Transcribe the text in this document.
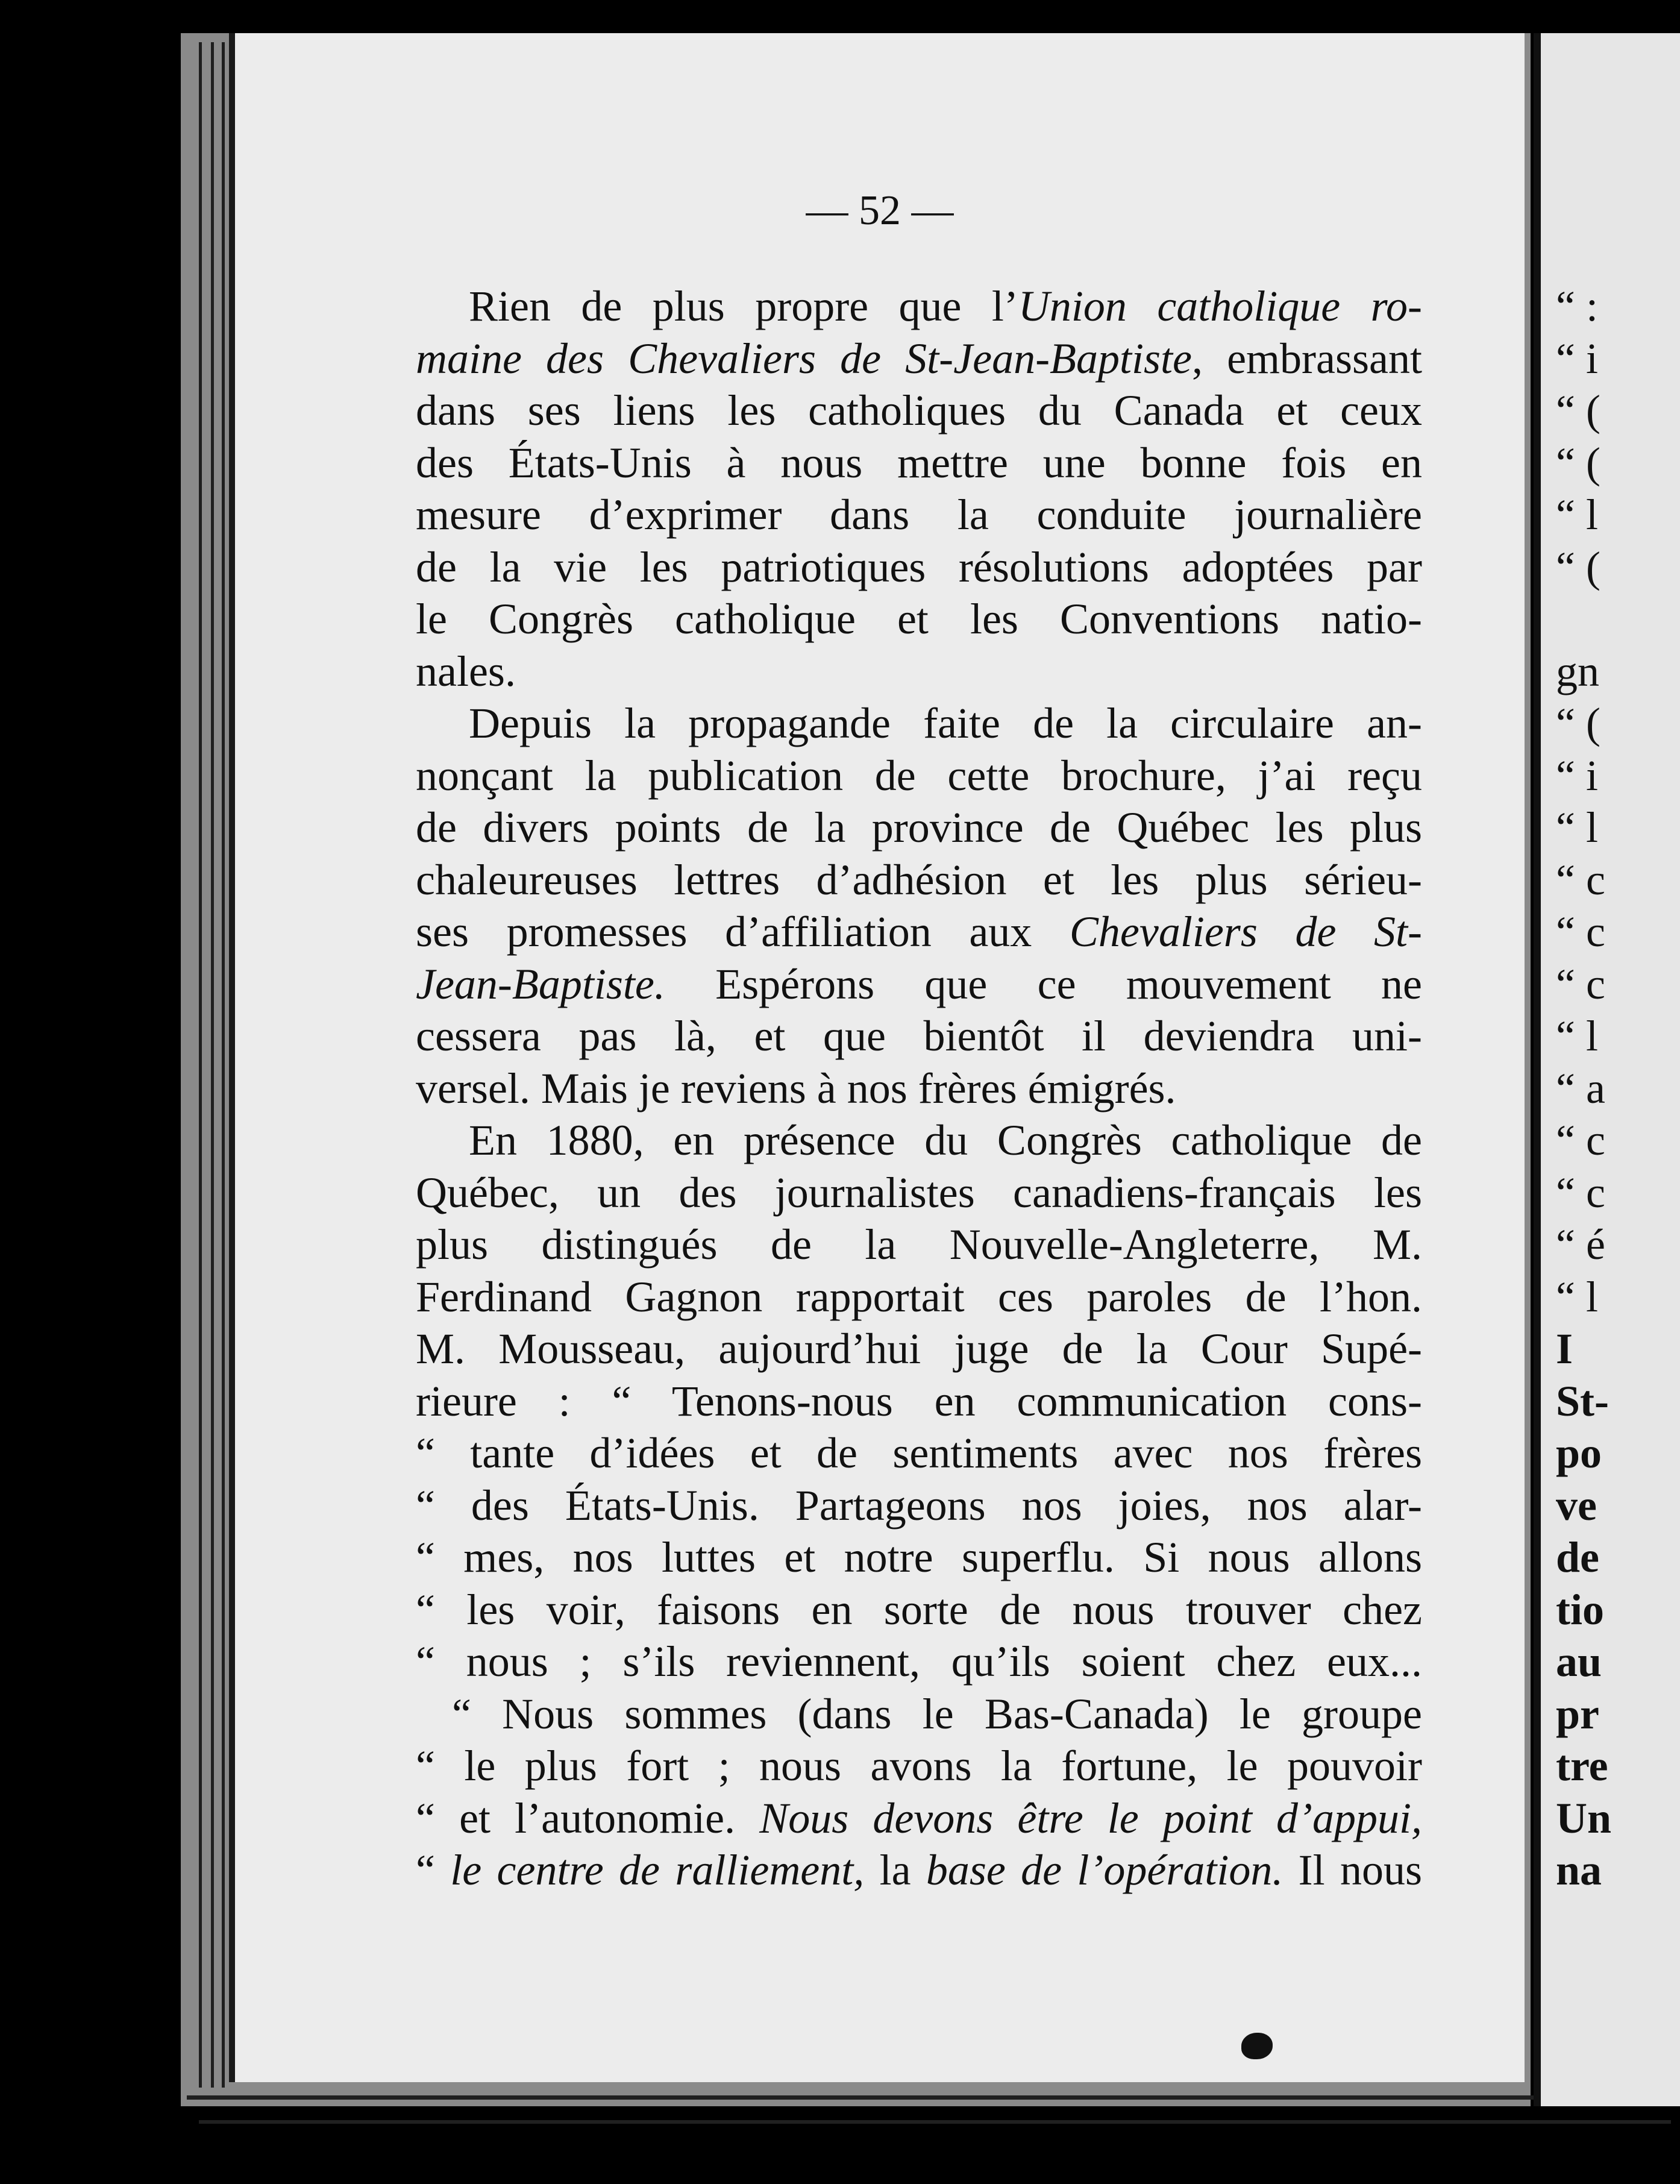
— 52 —
Rien de plus propre que l’Union catholique ro-
maine des Chevaliers de St-Jean-Baptiste, embrassant
dans ses liens les catholiques du Canada et ceux
des États-Unis à nous mettre une bonne fois en
mesure d’exprimer dans la conduite journalière
de la vie les patriotiques résolutions adoptées par
le Congrès catholique et les Conventions natio-
nales.
Depuis la propagande faite de la circulaire an-
nonçant la publication de cette brochure, j’ai reçu
de divers points de la province de Québec les plus
chaleureuses lettres d’adhésion et les plus sérieu-
ses promesses d’affiliation aux Chevaliers de St-
Jean-Baptiste. Espérons que ce mouvement ne
cessera pas là, et que bientôt il deviendra uni-
versel. Mais je reviens à nos frères émigrés.
En 1880, en présence du Congrès catholique de
Québec, un des journalistes canadiens-français les
plus distingués de la Nouvelle-Angleterre, M.
Ferdinand Gagnon rapportait ces paroles de l’hon.
M. Mousseau, aujourd’hui juge de la Cour Supé-
rieure : “ Tenons-nous en communication cons-
“ tante d’idées et de sentiments avec nos frères
“ des États-Unis. Partageons nos joies, nos alar-
“ mes, nos luttes et notre superflu. Si nous allons
“ les voir, faisons en sorte de nous trouver chez
“ nous ; s’ils reviennent, qu’ils soient chez eux...
“ Nous sommes (dans le Bas-Canada) le groupe
“ le plus fort ; nous avons la fortune, le pouvoir
“ et l’autonomie. Nous devons être le point d’appui,
“ le centre de ralliement, la base de l’opération. Il nous
“ :
“ i
“ (
“ (
“ l
“ (

gn
“ (
“ i
“ l
“ c
“ c
“ c
“ l
“ a
“ c
“ c
“ é
“ l
I
St-
po
ve
de
tio
au
pr
tre
Un
na
